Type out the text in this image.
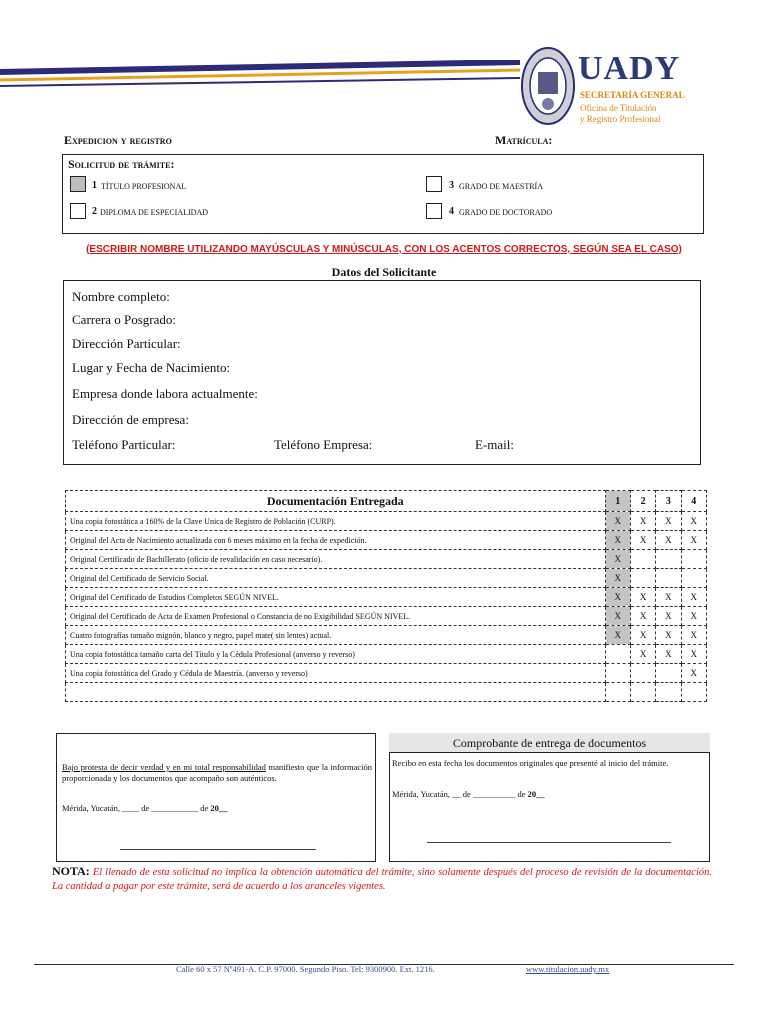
UADY
SECRETARÍA GENERAL
Oficina de Titulación
y Registro Profesional
Expedicion y registro	Matrícula:
Solicitud de trámite:
1 TÍTULO PROFESIONAL
2 DIPLOMA DE ESPECIALIDAD
3 GRADO DE MAESTRÍA
4 GRADO DE DOCTORADO
(ESCRIBIR NOMBRE UTILIZANDO MAYÚSCULAS Y MINÚSCULAS, CON LOS ACENTOS CORRECTOS, SEGÚN SEA EL CASO)
Datos del Solicitante
Nombre completo:
Carrera o Posgrado:
Dirección Particular:
Lugar y Fecha de Nacimiento:
Empresa donde labora actualmente:
Dirección de empresa:
Teléfono Particular:	Teléfono Empresa:	E-mail:
Documentación Entregada	1	2	3	4
Una copia fotostática a 160% de la Clave Unica de Registro de Población (CURP).	X	X	X	X
Original del Acta de Nacimiento actualizada con 6 meses máximo en la fecha de expedición.	X	X	X	X
Original Certificado de Bachillerato (oficio de revalidación en caso necesario).	X			
Original del Certificado de Servicio Social.	X			
Original del Certificado de Estudios Completos SEGÚN NIVEL.	X	X	X	X
Original del Certificado de Acta de Examen Profesional o Constancia de no Exigibilidad SEGÚN NIVEL.	X	X	X	X
Cuatro fotografías tamaño mignón, blanco y negro, papel mate( sin lentes) actual.	X	X	X	X
Una copia fotostática tamaño carta del Título y la Cédula Profesional (anverso y reverso)		X	X	X
Una copia fotostática del Grado y Cédula de Maestría. (anverso y reverso)				X

Bajo protesta de decir verdad y en mi total responsabilidad manifiesto que la información proporcionada y los documentos que acompaño son auténticos.
Mérida, Yucatán, ____ de ___________ de 20__
Comprobante de entrega de documentos
Recibo en esta fecha los documentos originales que presenté al inicio del trámite.
Mérida, Yucatán, __ de __________ de 20__
NOTA: El llenado de esta solicitud no implica la obtención automática del trámite, sino solamente después del proceso de revisión de la documentación. La cantidad a pagar por este trámite, será de acuerdo a los aranceles vigentes.
Calle 60 x 57 Nº491-A. C.P. 97000. Segundo Piso. Tel: 9300900. Ext. 1216.	www.titulacion.uady.mx
